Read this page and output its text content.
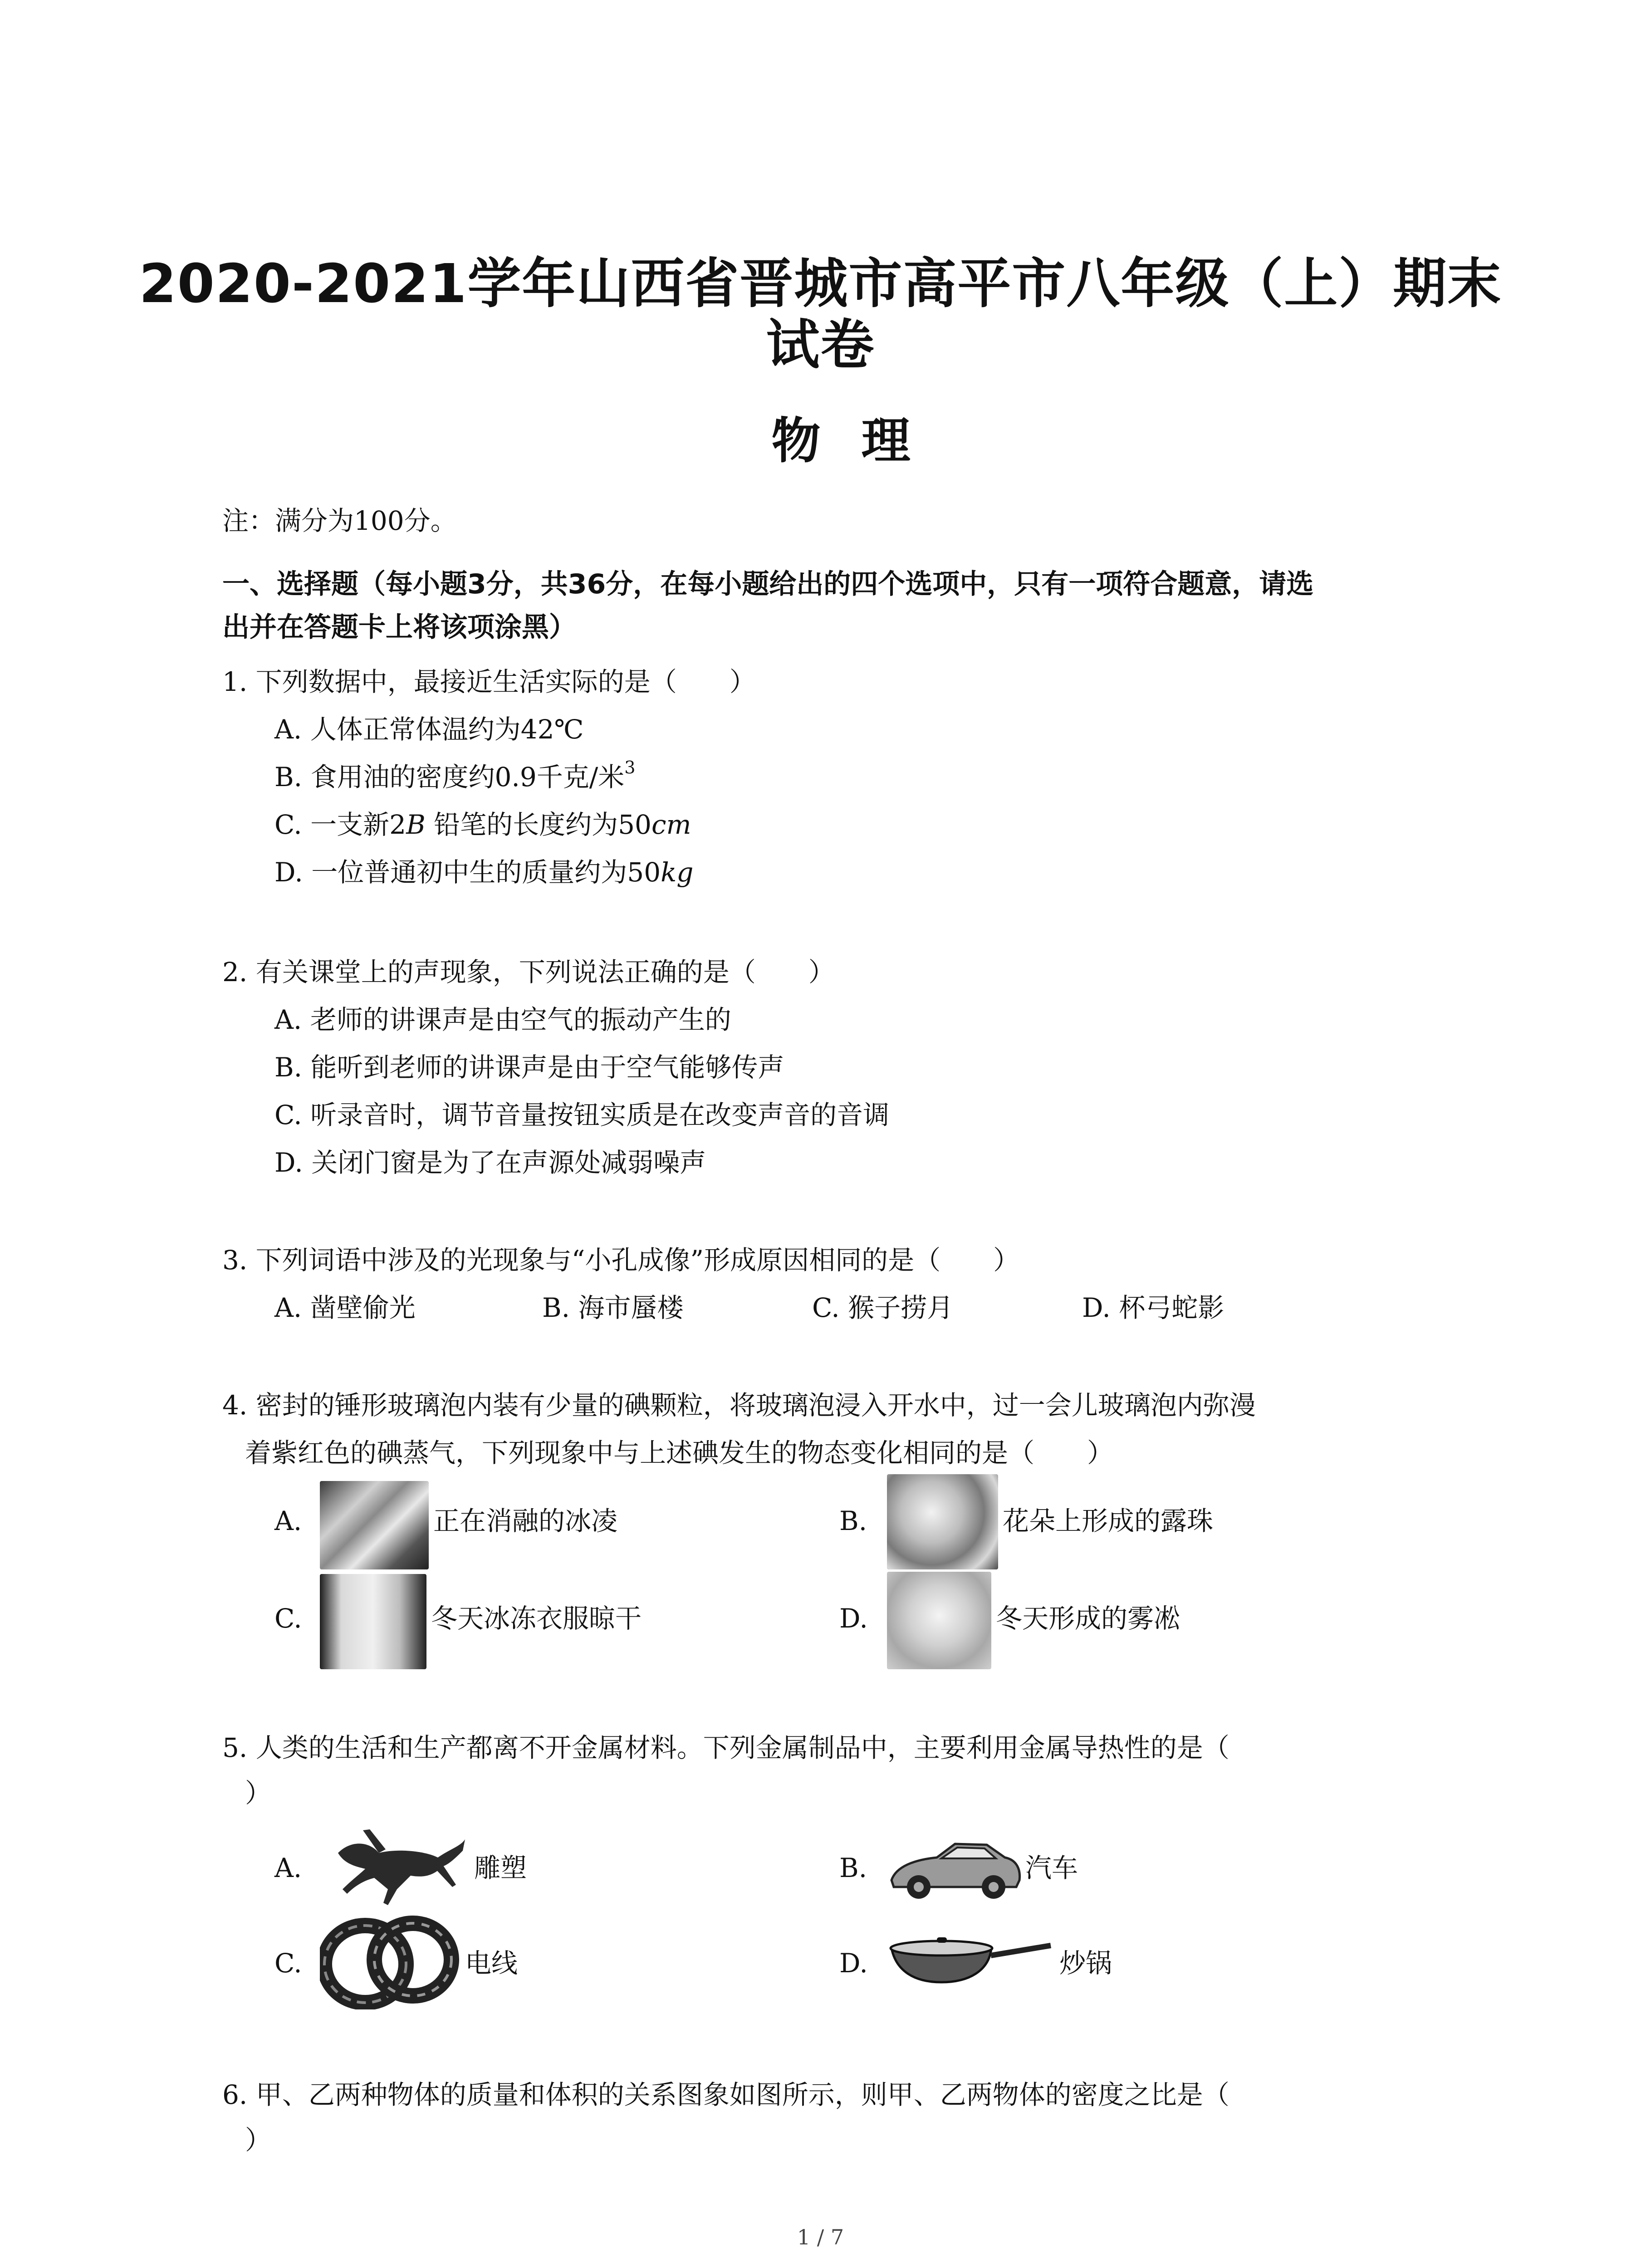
2020-2021学年山西省晋城市高平市八年级（上）期末
试卷
物理
注：满分为100分。
一、选择题（每小题3分，共36分，在每小题给出的四个选项中，只有一项符合题意，请选
出并在答题卡上将该项涂黑）
1. 下列数据中，最接近生活实际的是（　　）
A. 人体正常体温约为42℃
B. 食用油的密度约0.9千克/米$^3$
C. 一支新2B 铅笔的长度约为50cm
D. 一位普通初中生的质量约为50kg
2. 有关课堂上的声现象，下列说法正确的是（　　）
A. 老师的讲课声是由空气的振动产生的
B. 能听到老师的讲课声是由于空气能够传声
C. 听录音时，调节音量按钮实质是在改变声音的音调
D. 关闭门窗是为了在声源处减弱噪声
3. 下列词语中涉及的光现象与“小孔成像”形成原因相同的是（　　）
A. 凿壁偷光	B. 海市蜃楼	C. 猴子捞月	D. 杯弓蛇影
4. 密封的锤形玻璃泡内装有少量的碘颗粒，将玻璃泡浸入开水中，过一会儿玻璃泡内弥漫
着紫红色的碘蒸气，下列现象中与上述碘发生的物态变化相同的是（　　）
A.	正在消融的冰凌	B.	花朵上形成的露珠
C.	冬天冰冻衣服晾干	D.	冬天形成的雾凇
5. 人类的生活和生产都离不开金属材料。下列金属制品中，主要利用金属导热性的是（
）
A.	雕塑	B.	汽车
C.	电线	D.	炒锅
6. 甲、乙两种物体的质量和体积的关系图象如图所示，则甲、乙两物体的密度之比是（
）
1 / 7
